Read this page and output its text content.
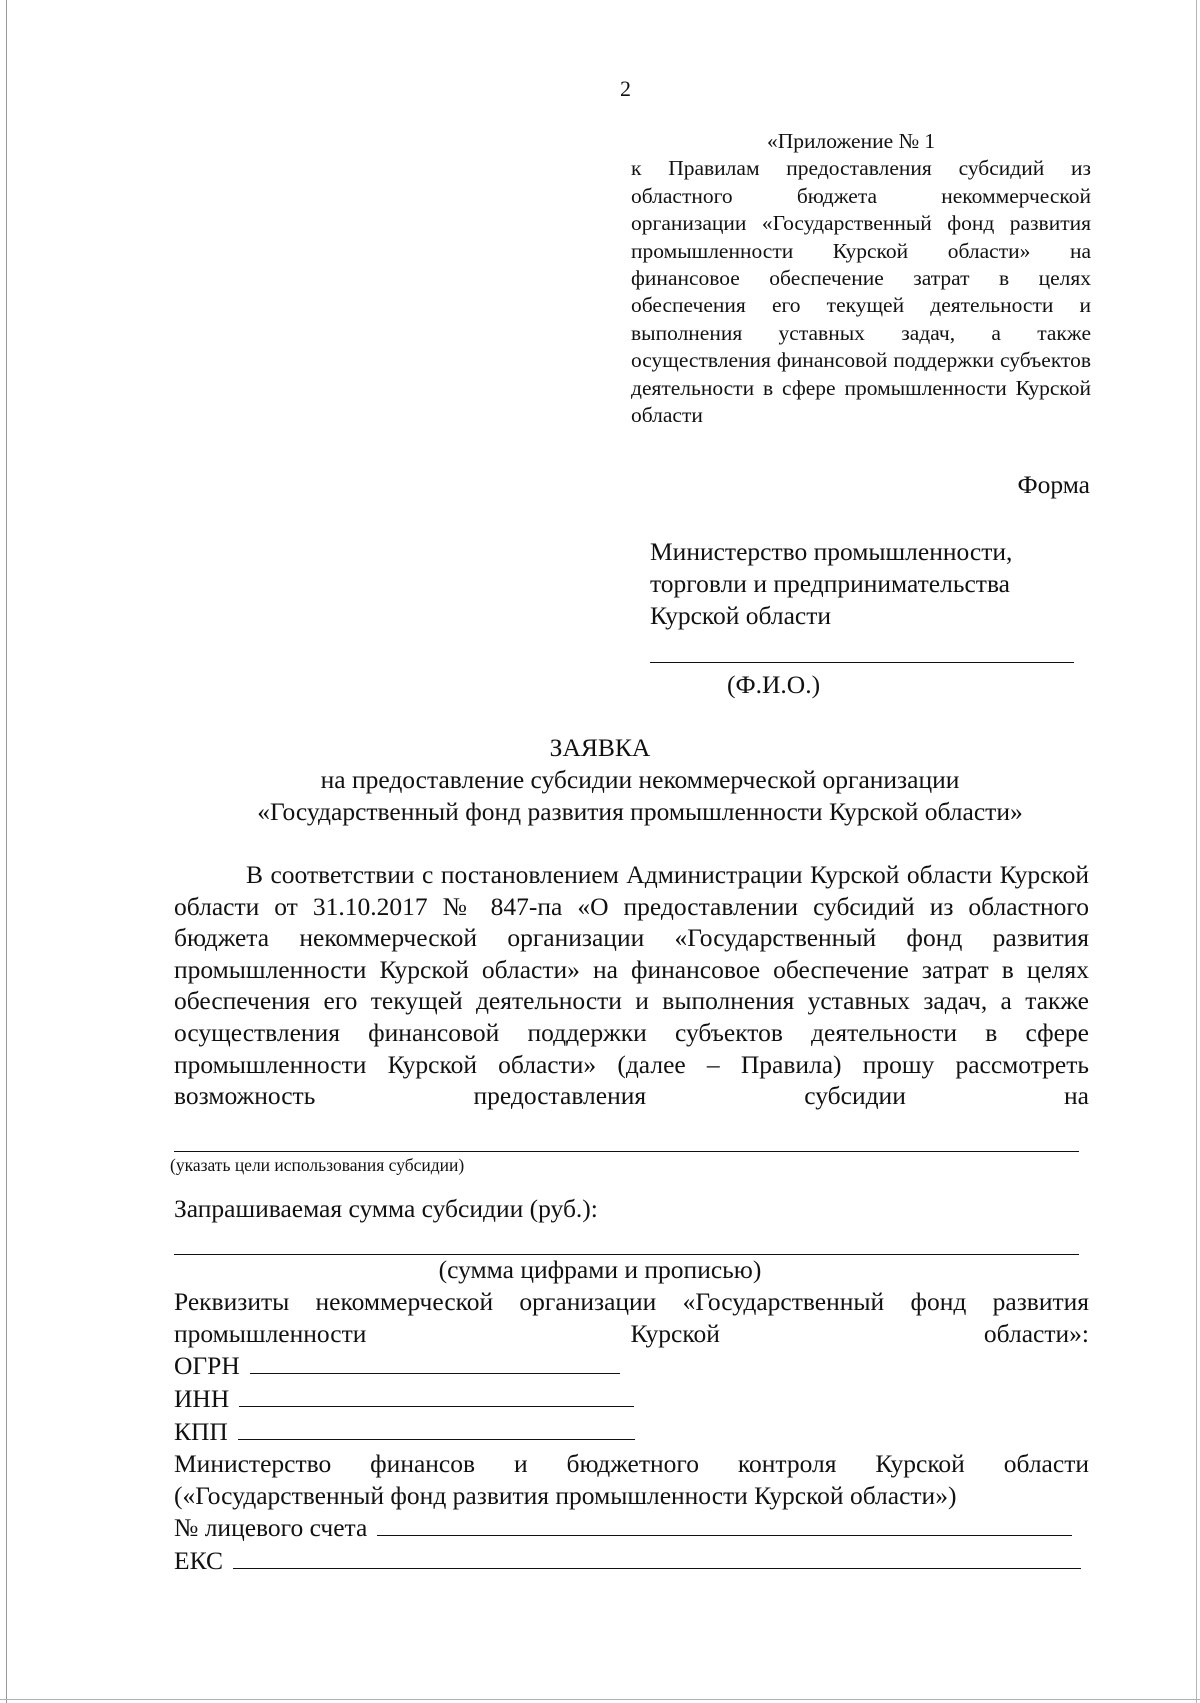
2
«Приложение № 1
к Правилам предоставления субсидий из областного бюджета некоммерческой организации «Государственный фонд развития промышленности Курской области» на финансовое обеспечение затрат в целях обеспечения его текущей деятельности и выполнения уставных задач, а также осуществления финансовой поддержки субъектов деятельности в сфере промышленности Курской области
Форма
Министерство промышленности,
торговли и предпринимательства
Курской области
(Ф.И.О.)
ЗАЯВКА
на предоставление субсидии некоммерческой организации
«Государственный фонд развития промышленности Курской области»
В соответствии с постановлением Администрации Курской области Курской области от 31.10.2017 № 847-па «О предоставлении субсидий из областного бюджета некоммерческой организации «Государственный фонд развития промышленности Курской области» на финансовое обеспечение затрат в целях обеспечения его текущей деятельности и выполнения уставных задач, а также осуществления финансовой поддержки субъектов деятельности в сфере промышленности Курской области» (далее – Правила) прошу рассмотреть возможность предоставления субсидии на
(указать цели использования субсидии)
Запрашиваемая сумма субсидии (руб.):
(сумма цифрами и прописью)
Реквизиты некоммерческой организации «Государственный фонд развития промышленности Курской области»:
ОГРН
ИНН
КПП
Министерство финансов и бюджетного контроля Курской области
(«Государственный фонд развития промышленности Курской области»)
№ лицевого счета
ЕКС
